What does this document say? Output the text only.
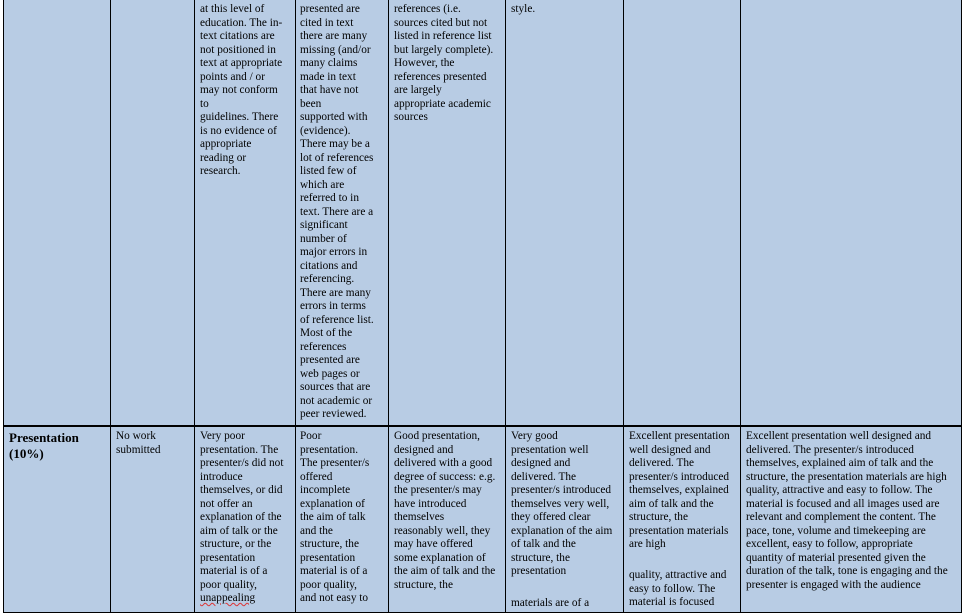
at this level of
education. The in-
text citations are
not positioned in
text at appropriate
points and / or
may not conform
to
guidelines. There
is no evidence of
appropriate
reading or
research.
presented are
cited in text
there are many
missing (and/or
many claims
made in text
that have not
been
supported with
(evidence).
There may be a
lot of references
listed few of
which are
referred to in
text. There are a
significant
number of
major errors in
citations and
referencing.
There are many
errors in terms
of reference list.
Most of the
references
presented are
web pages or
sources that are
not academic or
peer reviewed.
references (i.e.
sources cited but not
listed in reference list
but largely complete).
However, the
references presented
are largely
appropriate academic
sources
style.
Presentation
(10%)
No work
submitted
Very poor
presentation. The
presenter/s did not
introduce
themselves, or did
not offer an
explanation of the
aim of talk or the
structure, or the
presentation
material is of a
poor quality,
unappealing
Poor
presentation.
The presenter/s
offered
incomplete
explanation of
the aim of talk
and the
structure, the
presentation
material is of a
poor quality,
and not easy to
Good presentation,
designed and
delivered with a good
degree of success: e.g.
the presenter/s may
have introduced
themselves
reasonably well, they
may have offered
some explanation of
the aim of talk and the
structure, the
Very good
presentation well
designed and
delivered. The
presenter/s introduced
themselves very well,
they offered clear
explanation of the aim
of talk and the
structure, the
presentation
materials are of a
Excellent presentation
well designed and
delivered. The
presenter/s introduced
themselves, explained
aim of talk and the
structure, the
presentation materials
are high
quality, attractive and
easy to follow. The
material is focused
Excellent presentation well designed and
delivered. The presenter/s introduced
themselves, explained aim of talk and the
structure, the presentation materials are high
quality, attractive and easy to follow. The
material is focused and all images used are
relevant and complement the content. The
pace, tone, volume and timekeeping are
excellent, easy to follow, appropriate
quantity of material presented given the
duration of the talk, tone is engaging and the
presenter is engaged with the audience
